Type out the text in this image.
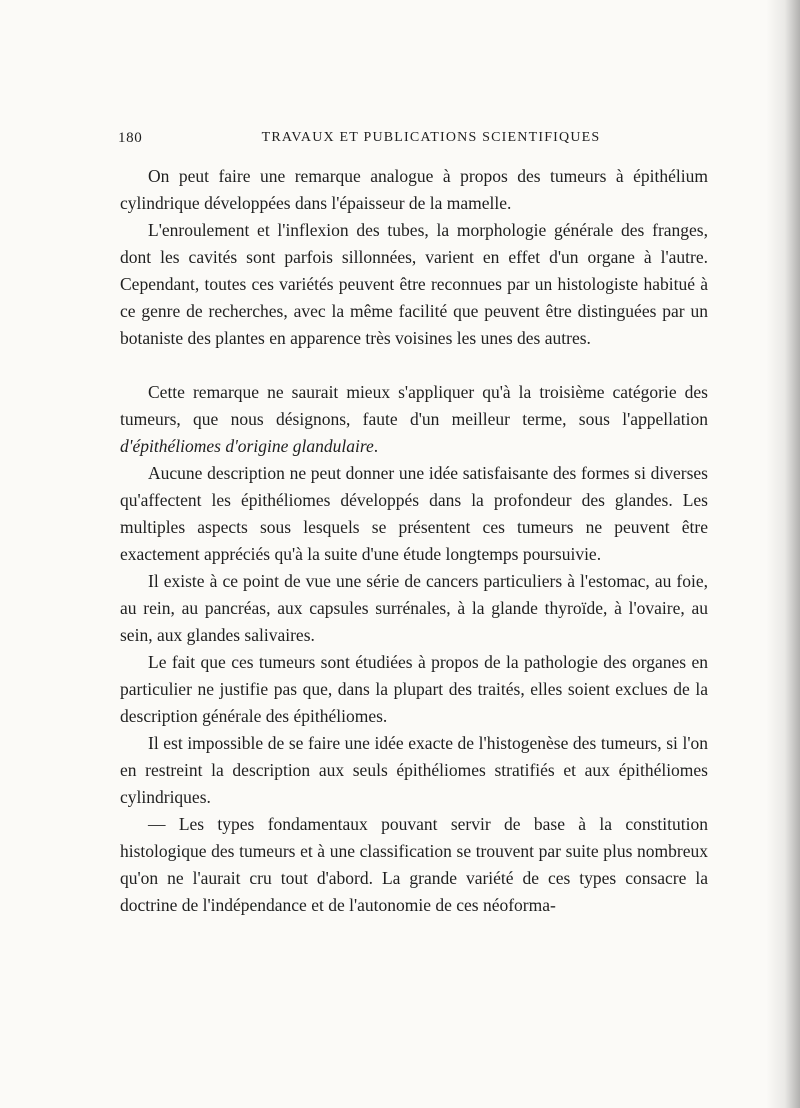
180	TRAVAUX ET PUBLICATIONS SCIENTIFIQUES

On peut faire une remarque analogue à propos des tumeurs à épithélium cylindrique développées dans l'épaisseur de la mamelle.

L'enroulement et l'inflexion des tubes, la morphologie générale des franges, dont les cavités sont parfois sillonnées, varient en effet d'un organe à l'autre. Cependant, toutes ces variétés peuvent être reconnues par un histologiste habitué à ce genre de recherches, avec la même facilité que peuvent être distinguées par un botaniste des plantes en apparence très voisines les unes des autres.

Cette remarque ne saurait mieux s'appliquer qu'à la troisième catégorie des tumeurs, que nous désignons, faute d'un meilleur terme, sous l'appellation d'épithéliomes d'origine glandulaire.

Aucune description ne peut donner une idée satisfaisante des formes si diverses qu'affectent les épithéliomes développés dans la profondeur des glandes. Les multiples aspects sous lesquels se présentent ces tumeurs ne peuvent être exactement appréciés qu'à la suite d'une étude longtemps poursuivie.

Il existe à ce point de vue une série de cancers particuliers à l'estomac, au foie, au rein, au pancréas, aux capsules surrénales, à la glande thyroïde, à l'ovaire, au sein, aux glandes salivaires.

Le fait que ces tumeurs sont étudiées à propos de la pathologie des organes en particulier ne justifie pas que, dans la plupart des traités, elles soient exclues de la description générale des épithéliomes.

Il est impossible de se faire une idée exacte de l'histogenèse des tumeurs, si l'on en restreint la description aux seuls épithéliomes stratifiés et aux épithéliomes cylindriques.

— Les types fondamentaux pouvant servir de base à la constitution histologique des tumeurs et à une classification se trouvent par suite plus nombreux qu'on ne l'aurait cru tout d'abord. La grande variété de ces types consacre la doctrine de l'indépendance et de l'autonomie de ces néoforma-
